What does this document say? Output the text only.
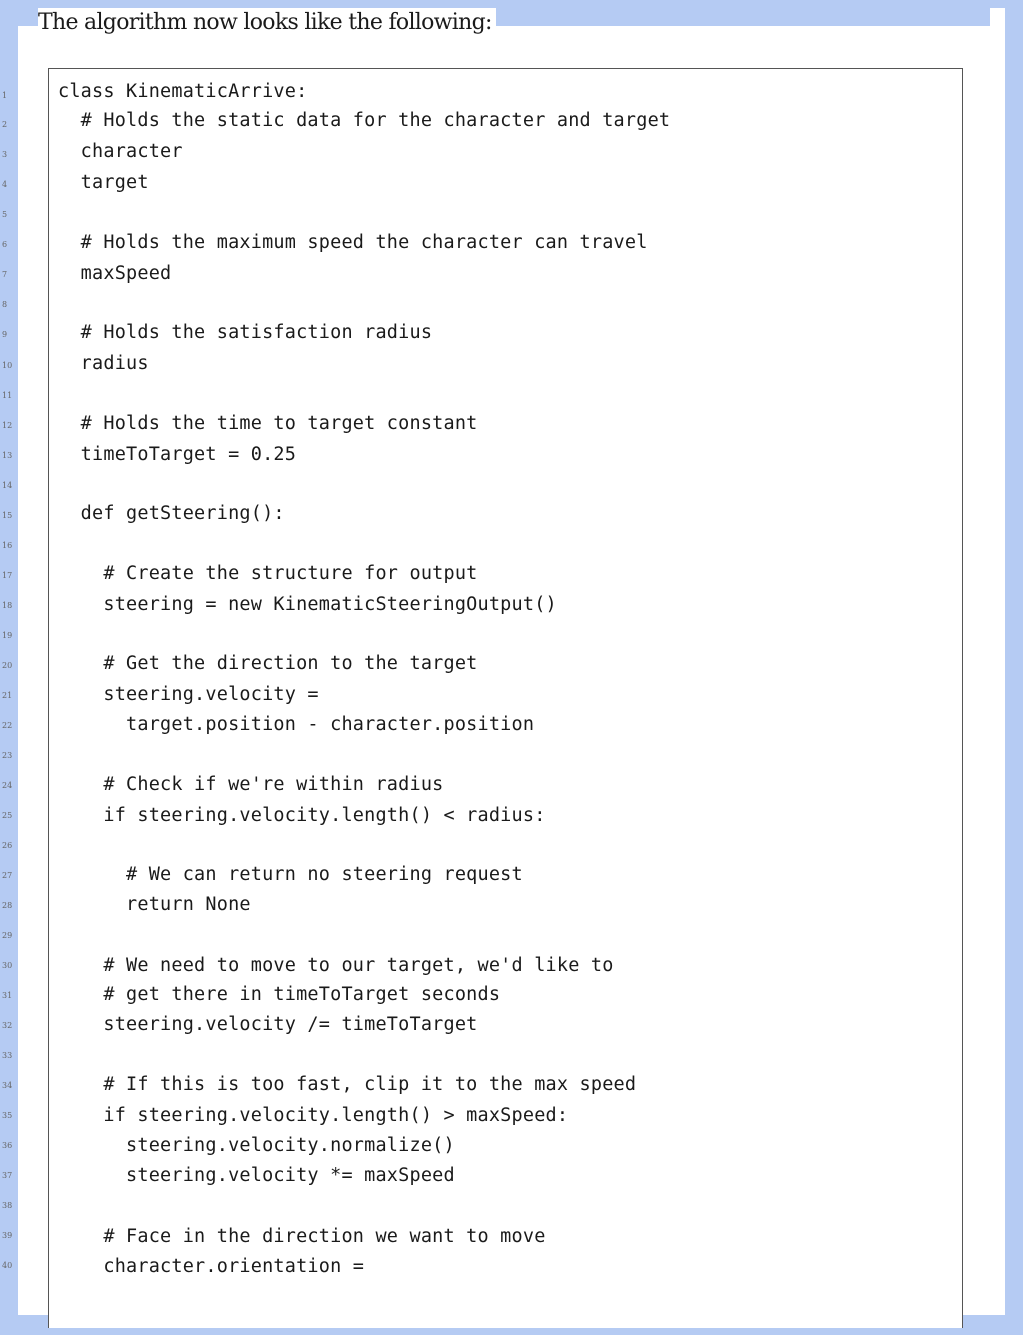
The algorithm now looks like the following:

1
2
3
4
5
6
7
8
9
10
11
12
13
14
15
16
17
18
19
20
21
22
23
24
25
26
27
28
29
30
31
32
33
34
35
36
37
38
39
40
class KinematicArrive:
# Holds the static data for the character and target
character
target
# Holds the maximum speed the character can travel
maxSpeed
# Holds the satisfaction radius
radius
# Holds the time to target constant
timeToTarget = 0.25
def getSteering():
# Create the structure for output
steering = new KinematicSteeringOutput()
# Get the direction to the target
steering.velocity =
target.position - character.position
# Check if we're within radius
if steering.velocity.length() < radius:
# We can return no steering request
return None
# We need to move to our target, we'd like to
# get there in timeToTarget seconds
steering.velocity /= timeToTarget
# If this is too fast, clip it to the max speed
if steering.velocity.length() > maxSpeed:
steering.velocity.normalize()
steering.velocity *= maxSpeed
# Face in the direction we want to move
character.orientation =
